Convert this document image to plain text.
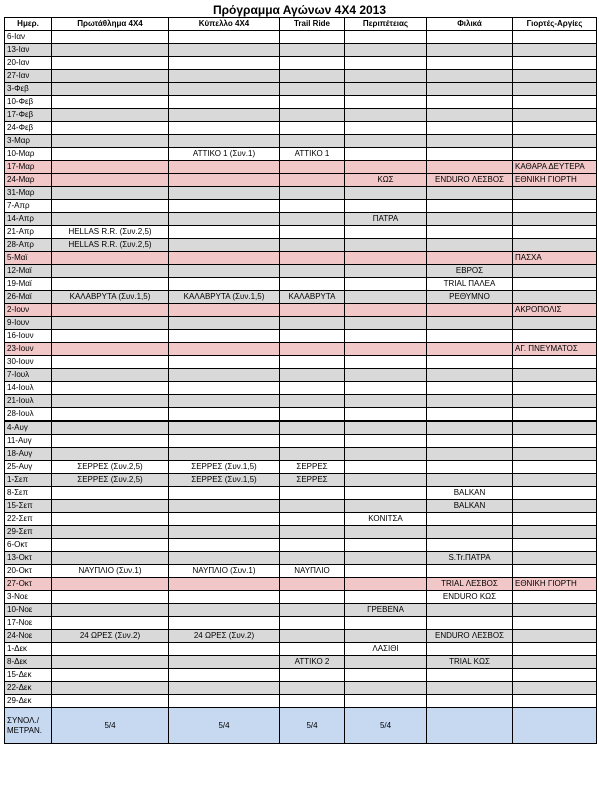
Πρόγραμμα Αγώνων 4X4 2013
Ημερ.	Πρωτάθλημα 4X4	Κύπελλο 4X4	Trail Ride	Περιπέτειας	Φιλικά	Γιορτές-Αργίες
6-Ιαν						
13-Ιαν						
20-Ιαν						
27-Ιαν						
3-Φεβ						
10-Φεβ						
17-Φεβ						
24-Φεβ						
3-Μαρ						
10-Μαρ		ΑΤΤΙΚΟ 1 (Συν.1)	ΑΤΤΙΚΟ 1			
17-Μαρ						ΚΑΘΑΡΑ ΔΕΥΤΕΡΑ
24-Μαρ				ΚΩΣ	ENDURO ΛΕΣΒΟΣ	ΕΘΝΙΚΗ ΓΙΟΡΤΗ
31-Μαρ						
7-Απρ						
14-Απρ				ΠΑΤΡΑ		
21-Απρ	HELLAS R.R. (Συν.2,5)					
28-Απρ	HELLAS R.R. (Συν.2,5)					
5-Μαϊ						ΠΑΣΧΑ
12-Μαϊ					ΕΒΡΟΣ	
19-Μαϊ					TRIAL ΠΑΛΕΑ	
26-Μαϊ	ΚΑΛΑΒΡΥΤΑ (Συν.1,5)	ΚΑΛΑΒΡΥΤΑ (Συν.1,5)	ΚΑΛΑΒΡΥΤΑ		ΡΕΘΥΜΝΟ	
2-Ιουν						ΑΚΡΟΠΟΛΙΣ
9-Ιουν						
16-Ιουν						
23-Ιουν						ΑΓ. ΠΝΕΥΜΑΤΟΣ
30-Ιουν						
7-Ιουλ						
14-Ιουλ						
21-Ιουλ						
28-Ιουλ						
4-Αυγ						
11-Αυγ						
18-Αυγ						
25-Αυγ	ΣΕΡΡΕΣ (Συν.2,5)	ΣΕΡΡΕΣ (Συν.1,5)	ΣΕΡΡΕΣ			
1-Σεπ	ΣΕΡΡΕΣ (Συν.2,5)	ΣΕΡΡΕΣ (Συν.1,5)	ΣΕΡΡΕΣ			
8-Σεπ					BALKAN	
15-Σεπ					BALKAN	
22-Σεπ				ΚΟΝΙΤΣΑ		
29-Σεπ						
6-Οκτ						
13-Οκτ					S.Tr.ΠΑΤΡΑ	
20-Οκτ	ΝΑΥΠΛΙΟ (Συν.1)	ΝΑΥΠΛΙΟ (Συν.1)	ΝΑΥΠΛΙΟ			
27-Οκτ					TRIAL ΛΕΣΒΟΣ	ΕΘΝΙΚΗ ΓΙΟΡΤΗ
3-Νοε					ENDURO ΚΩΣ	
10-Νοε				ΓΡΕΒΕΝΑ		
17-Νοε						
24-Νοε	24 ΩΡΕΣ (Συν.2)	24 ΩΡΕΣ (Συν.2)			ENDURO ΛΕΣΒΟΣ	
1-Δεκ				ΛΑΣΙΘΙ		
8-Δεκ			ΑΤΤΙΚΟ 2		TRIAL ΚΩΣ	
15-Δεκ						
22-Δεκ						
29-Δεκ						
ΣΥΝΟΛ./ ΜΕΤΡΑΝ.	5/4	5/4	5/4	5/4		
